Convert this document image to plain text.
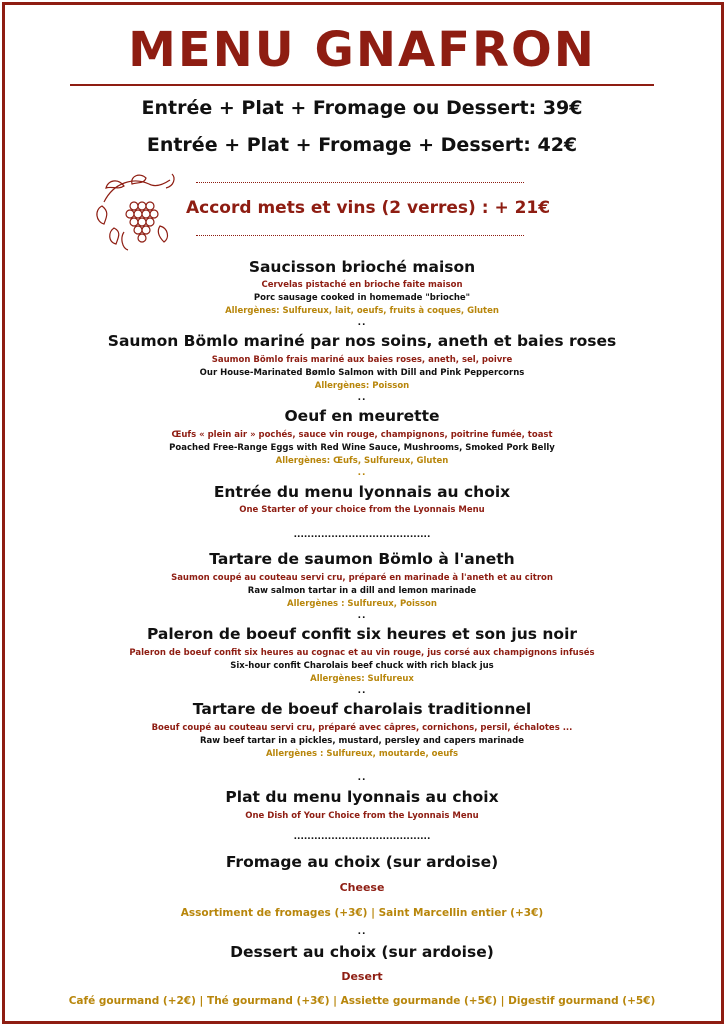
MENU GNAFRON
Entrée + Plat + Fromage ou Dessert: 39€
Entrée + Plat + Fromage + Dessert: 42€
Accord mets et vins (2 verres) : + 21€
Saucisson brioché maison
Cervelas pistaché en brioche faite maison
Porc sausage cooked in homemade "brioche"
Allergènes: Sulfureux, lait, oeufs, fruits à coques, Gluten
..
Saumon Bömlo mariné par nos soins, aneth et baies roses
Saumon Bömlo frais mariné aux baies roses, aneth, sel, poivre
Our House-Marinated Bømlo Salmon with Dill and Pink Peppercorns
Allergènes: Poisson
..
Oeuf en meurette
Œufs « plein air » pochés, sauce vin rouge, champignons, poitrine fumée, toast
Poached Free-Range Eggs with Red Wine Sauce, Mushrooms, Smoked Pork Belly
Allergènes: Œufs, Sulfureux, Gluten
..
Entrée du menu lyonnais au choix
One Starter of your choice from the Lyonnais Menu
........................................
Tartare de saumon Bömlo à l'aneth
Saumon coupé au couteau servi cru, préparé en marinade à l'aneth et au citron
Raw salmon tartar in a dill and lemon marinade
Allergènes : Sulfureux, Poisson
..
Paleron de boeuf confit six heures et son jus noir
Paleron de boeuf confit six heures au cognac et au vin rouge, jus corsé aux champignons infusés
Six-hour confit Charolais beef chuck with rich black jus
Allergènes: Sulfureux
..
Tartare de boeuf charolais traditionnel
Boeuf coupé au couteau servi cru, préparé avec câpres, cornichons, persil, échalotes ...
Raw beef tartar in a pickles, mustard, persley and capers marinade
Allergènes : Sulfureux, moutarde, oeufs
..
Plat du menu lyonnais au choix
One Dish of Your Choice from the Lyonnais Menu
........................................
Fromage au choix (sur ardoise)
Cheese
Assortiment de fromages (+3€) | Saint Marcellin entier (+3€)
..
Dessert au choix (sur ardoise)
Desert
Café gourmand (+2€) | Thé gourmand (+3€) | Assiette gourmande (+5€) | Digestif gourmand (+5€)
